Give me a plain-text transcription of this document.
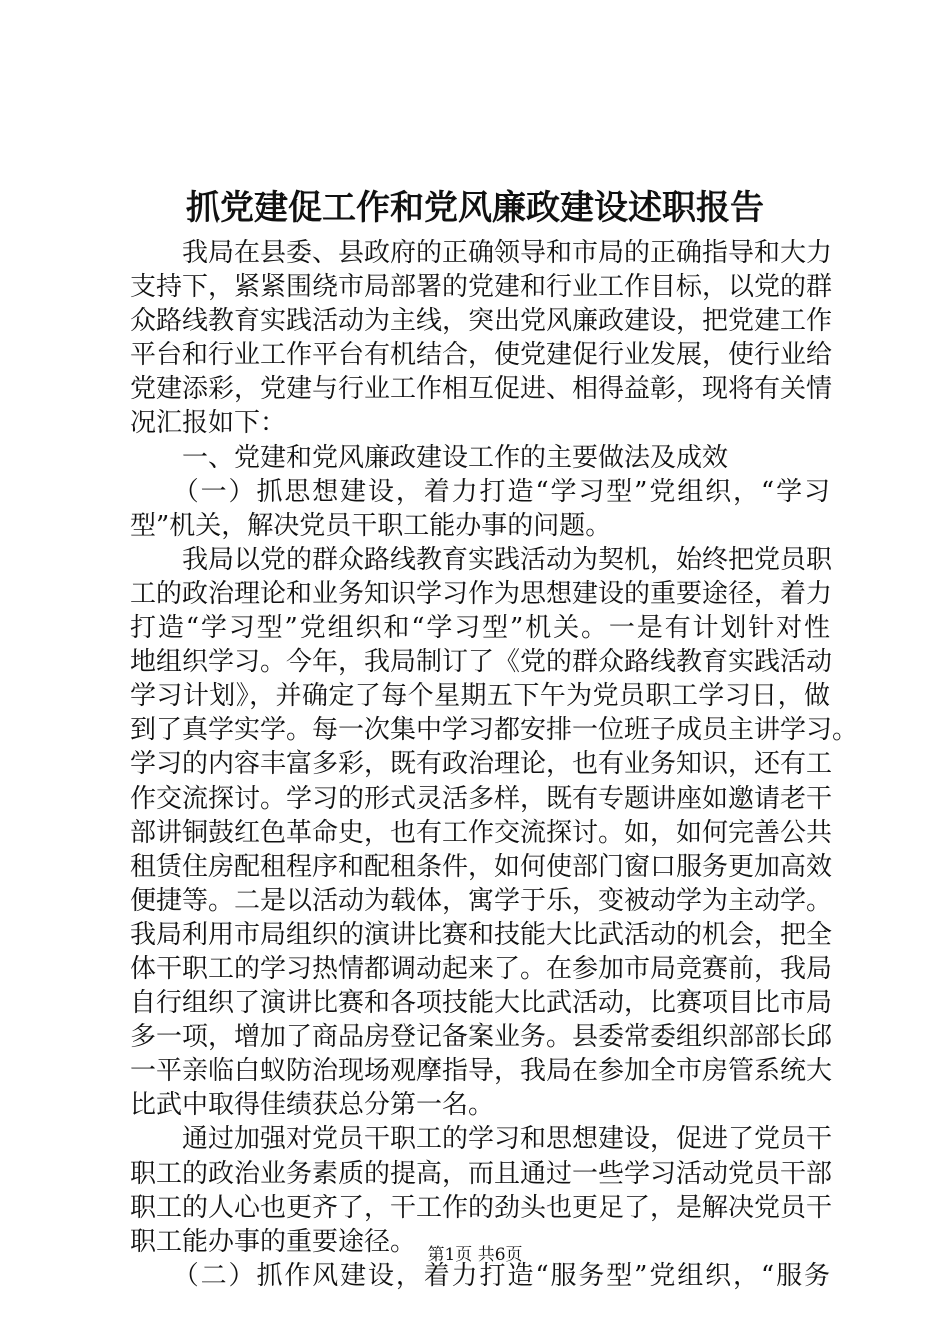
抓党建促工作和党风廉政建设述职报告
　　我局在县委、县政府的正确领导和市局的正确指导和大力
支持下，紧紧围绕市局部署的党建和行业工作目标，以党的群
众路线教育实践活动为主线，突出党风廉政建设，把党建工作
平台和行业工作平台有机结合，使党建促行业发展，使行业给
党建添彩，党建与行业工作相互促进、相得益彰，现将有关情
况汇报如下：
　　一、党建和党风廉政建设工作的主要做法及成效
　　（一）抓思想建设，着力打造“学习型”党组织，“学习
型”机关，解决党员干职工能办事的问题。
　　我局以党的群众路线教育实践活动为契机，始终把党员职
工的政治理论和业务知识学习作为思想建设的重要途径，着力
打造“学习型”党组织和“学习型”机关。一是有计划针对性
地组织学习。今年，我局制订了《党的群众路线教育实践活动
学习计划》，并确定了每个星期五下午为党员职工学习日，做
到了真学实学。每一次集中学习都安排一位班子成员主讲学习。
学习的内容丰富多彩，既有政治理论，也有业务知识，还有工
作交流探讨。学习的形式灵活多样，既有专题讲座如邀请老干
部讲铜鼓红色革命史，也有工作交流探讨。如，如何完善公共
租赁住房配租程序和配租条件，如何使部门窗口服务更加高效
便捷等。二是以活动为载体，寓学于乐，变被动学为主动学。
我局利用市局组织的演讲比赛和技能大比武活动的机会，把全
体干职工的学习热情都调动起来了。在参加市局竞赛前，我局
自行组织了演讲比赛和各项技能大比武活动，比赛项目比市局
多一项，增加了商品房登记备案业务。县委常委组织部部长邱
一平亲临白蚁防治现场观摩指导，我局在参加全市房管系统大
比武中取得佳绩获总分第一名。
　　通过加强对党员干职工的学习和思想建设，促进了党员干
职工的政治业务素质的提高，而且通过一些学习活动党员干部
职工的人心也更齐了，干工作的劲头也更足了，是解决党员干
职工能办事的重要途径。
　　（二）抓作风建设，着力打造“服务型”党组织，“服务
第1页 共6页
